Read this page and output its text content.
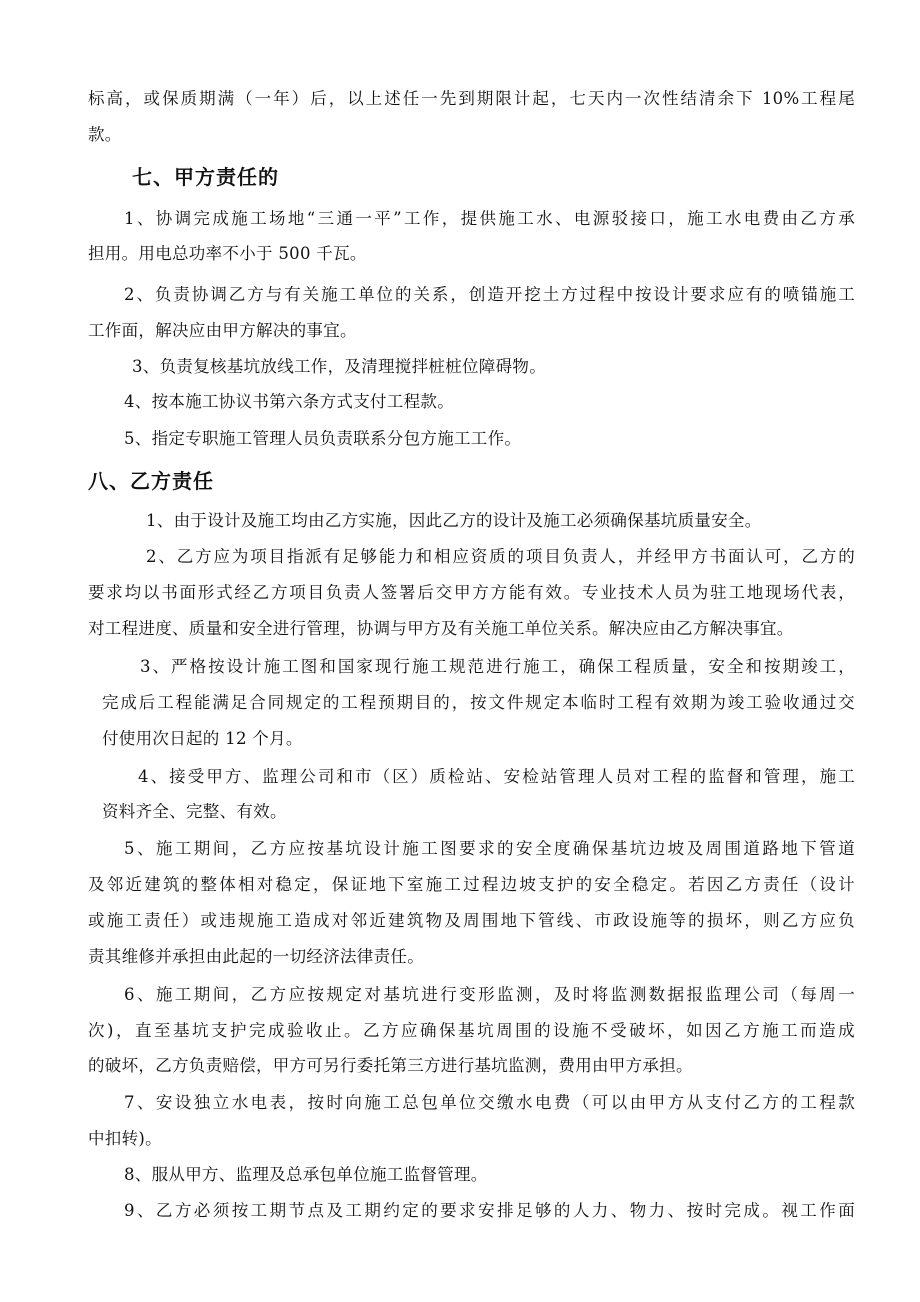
标高，或保质期满（一年）后，以上述任一先到期限计起，七天内一次性结清余下 10%工程尾
款。
七、甲方责任的
1、协调完成施工场地“三通一平”工作，提供施工水、电源驳接口，施工水电费由乙方承
担用。用电总功率不小于 500 千瓦。
2、负责协调乙方与有关施工单位的关系，创造开挖土方过程中按设计要求应有的喷锚施工
工作面，解决应由甲方解决的事宜。
3、负责复核基坑放线工作，及清理搅拌桩桩位障碍物。
4、按本施工协议书第六条方式支付工程款。
5、指定专职施工管理人员负责联系分包方施工工作。
八、乙方责任
1、由于设计及施工均由乙方实施，因此乙方的设计及施工必须确保基坑质量安全。
2、乙方应为项目指派有足够能力和相应资质的项目负责人，并经甲方书面认可，乙方的
要求均以书面形式经乙方项目负责人签署后交甲方方能有效。专业技术人员为驻工地现场代表，
对工程进度、质量和安全进行管理，协调与甲方及有关施工单位关系。解决应由乙方解决事宜。
3、严格按设计施工图和国家现行施工规范进行施工，确保工程质量，安全和按期竣工，
完成后工程能满足合同规定的工程预期目的，按文件规定本临时工程有效期为竣工验收通过交
付使用次日起的 12 个月。
4、接受甲方、监理公司和市（区）质检站、安检站管理人员对工程的监督和管理，施工
资料齐全、完整、有效。
5、施工期间，乙方应按基坑设计施工图要求的安全度确保基坑边坡及周围道路地下管道
及邻近建筑的整体相对稳定，保证地下室施工过程边坡支护的安全稳定。若因乙方责任（设计
或施工责任）或违规施工造成对邻近建筑物及周围地下管线、市政设施等的损坏，则乙方应负
责其维修并承担由此起的一切经济法律责任。
6、施工期间，乙方应按规定对基坑进行变形监测，及时将监测数据报监理公司（每周一
次)，直至基坑支护完成验收止。乙方应确保基坑周围的设施不受破坏，如因乙方施工而造成
的破坏，乙方负责赔偿，甲方可另行委托第三方进行基坑监测，费用由甲方承担。
7、安设独立水电表，按时向施工总包单位交缴水电费（可以由甲方从支付乙方的工程款
中扣转)。
8、服从甲方、监理及总承包单位施工监督管理。
9、乙方必须按工期节点及工期约定的要求安排足够的人力、物力、按时完成。视工作面
